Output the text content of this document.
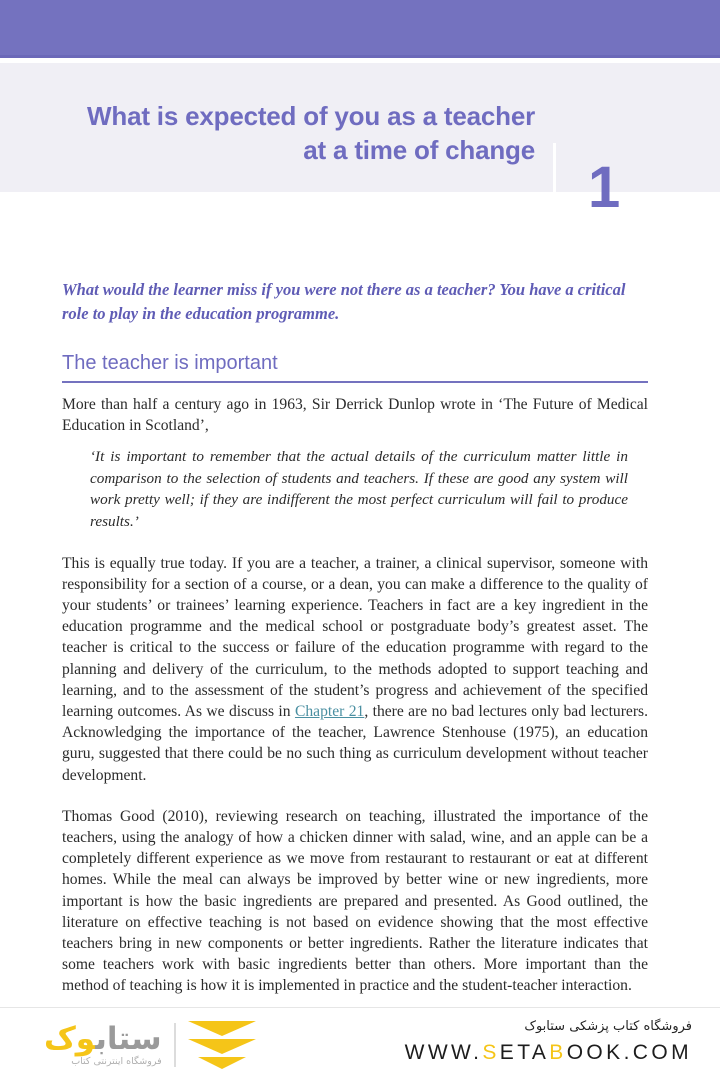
What is expected of you as a teacher
at a time of change
1

What would the learner miss if you were not there as a teacher? You have a critical role to play in the education programme.

The teacher is important

More than half a century ago in 1963, Sir Derrick Dunlop wrote in ‘The Future of Medical Education in Scotland’,

‘It is important to remember that the actual details of the curriculum matter little in comparison to the selection of students and teachers. If these are good any system will work pretty well; if they are indifferent the most perfect curriculum will fail to produce results.’

This is equally true today. If you are a teacher, a trainer, a clinical supervisor, someone with responsibility for a section of a course, or a dean, you can make a difference to the quality of your students’ or trainees’ learning experience. Teachers in fact are a key ingredient in the education programme and the medical school or postgraduate body’s greatest asset. The teacher is critical to the success or failure of the education programme with regard to the planning and delivery of the curriculum, to the methods adopted to support teaching and learning, and to the assessment of the student’s progress and achievement of the specified learning outcomes. As we discuss in Chapter 21, there are no bad lectures only bad lecturers. Acknowledging the importance of the teacher, Lawrence Stenhouse (1975), an education guru, suggested that there could be no such thing as curriculum development without teacher development.

Thomas Good (2010), reviewing research on teaching, illustrated the importance of the teachers, using the analogy of how a chicken dinner with salad, wine, and an apple can be a completely different experience as we move from restaurant to restaurant or eat at different homes. While the meal can always be improved by better wine or new ingredients, more important is how the basic ingredients are prepared and presented. As Good outlined, the literature on effective teaching is not based on evidence showing that the most effective teachers bring in new components or better ingredients. Rather the literature indicates that some teachers work with basic ingredients better than others. More important than the method of teaching is how it is implemented in practice and the student-teacher interaction.

ستابوک
فروشگاه اینترنتی کتاب
فروشگاه کتاب پزشکی ستابوک
WWW.SETABOOK.COM
